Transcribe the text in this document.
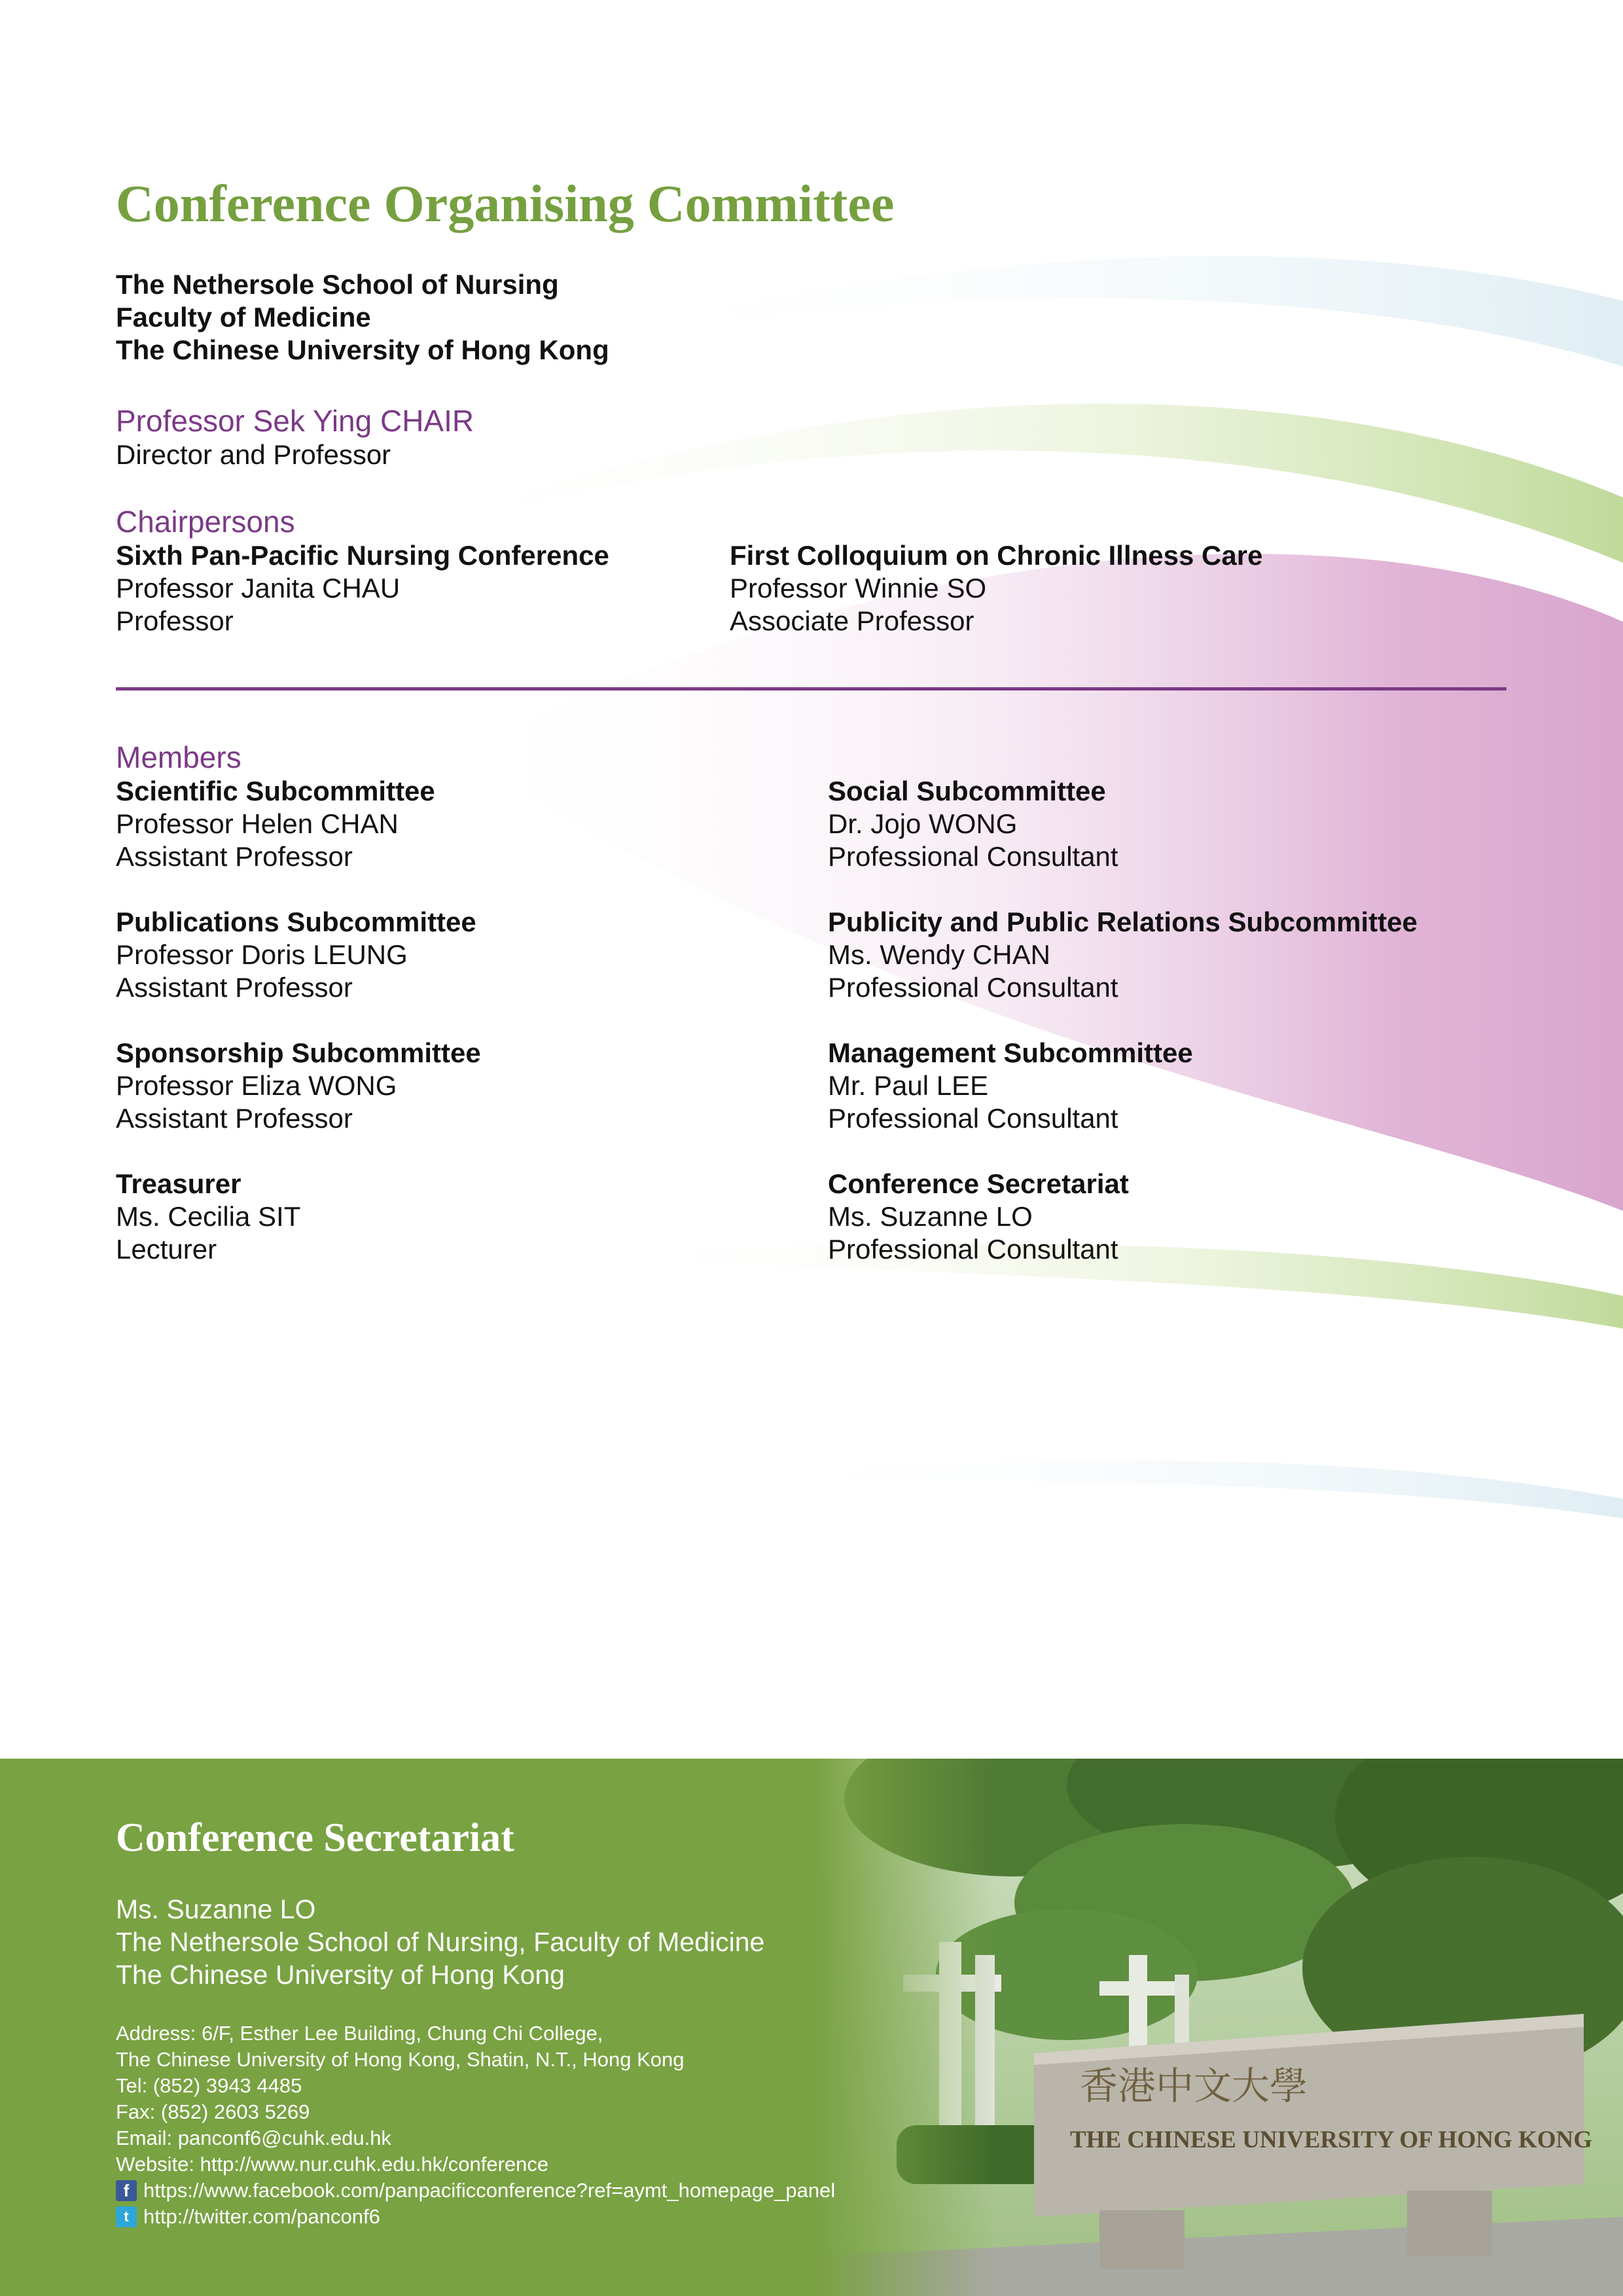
Conference Organising Committee
The Nethersole School of Nursing
Faculty of Medicine
The Chinese University of Hong Kong
Professor Sek Ying CHAIR
Director and Professor
Chairpersons
Sixth Pan-Pacific Nursing Conference
Professor Janita CHAU
Professor
First Colloquium on Chronic Illness Care
Professor Winnie SO
Associate Professor
Members
Scientific Subcommittee
Professor Helen CHAN
Assistant Professor
Publications Subcommittee
Professor Doris LEUNG
Assistant Professor
Sponsorship Subcommittee
Professor Eliza WONG
Assistant Professor
Treasurer
Ms. Cecilia SIT
Lecturer
Social Subcommittee
Dr. Jojo WONG
Professional Consultant
Publicity and Public Relations Subcommittee
Ms. Wendy CHAN
Professional Consultant
Management Subcommittee
Mr. Paul LEE
Professional Consultant
Conference Secretariat
Ms. Suzanne LO
Professional Consultant
Conference Secretariat
Ms. Suzanne LO
The Nethersole School of Nursing, Faculty of Medicine
The Chinese University of Hong Kong
Address: 6/F, Esther Lee Building, Chung Chi College,
The Chinese University of Hong Kong, Shatin, N.T., Hong Kong
Tel: (852) 3943 4485
Fax: (852) 2603 5269
Email: panconf6@cuhk.edu.hk
Website: http://www.nur.cuhk.edu.hk/conference
f https://www.facebook.com/panpacificconference?ref=aymt_homepage_panel
t http://twitter.com/panconf6
